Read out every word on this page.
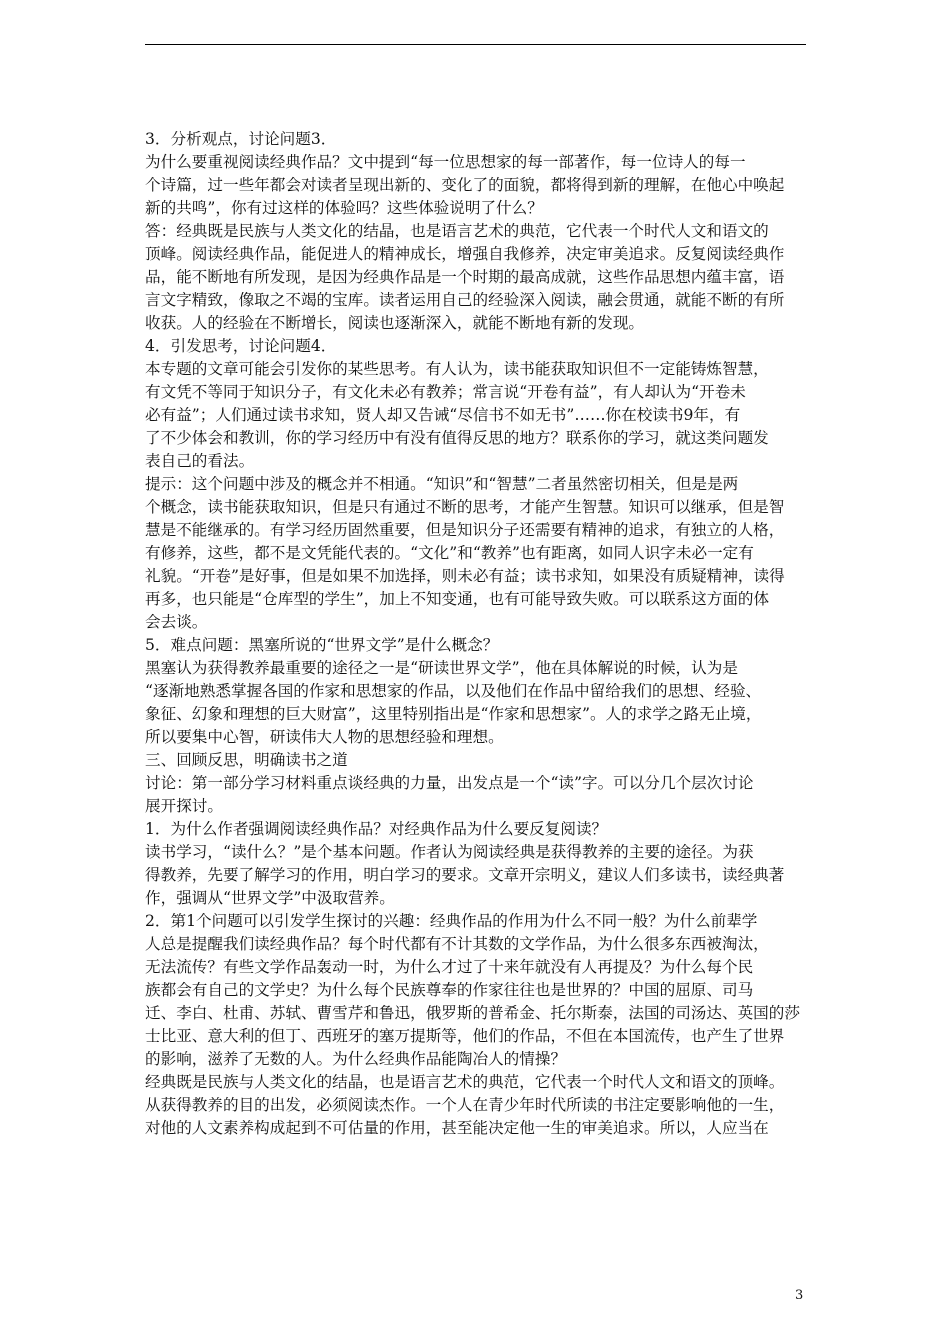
3．分析观点，讨论问题3．
为什么要重视阅读经典作品？文中提到“每一位思想家的每一部著作，每一位诗人的每一
个诗篇，过一些年都会对读者呈现出新的、变化了的面貌，都将得到新的理解，在他心中唤起
新的共鸣”，你有过这样的体验吗？这些体验说明了什么？
答：经典既是民族与人类文化的结晶，也是语言艺术的典范，它代表一个时代人文和语文的
顶峰。阅读经典作品，能促进人的精神成长，增强自我修养，决定审美追求。反复阅读经典作
品，能不断地有所发现，是因为经典作品是一个时期的最高成就，这些作品思想内蕴丰富，语
言文字精致，像取之不竭的宝库。读者运用自己的经验深入阅读，融会贯通，就能不断的有所
收获。人的经验在不断增长，阅读也逐渐深入，就能不断地有新的发现。
4．引发思考，讨论问题4．
本专题的文章可能会引发你的某些思考。有人认为，读书能获取知识但不一定能铸炼智慧，
有文凭不等同于知识分子，有文化未必有教养；常言说“开卷有益”，有人却认为“开卷未
必有益”；人们通过读书求知，贤人却又告诫“尽信书不如无书”……你在校读书9年，有
了不少体会和教训，你的学习经历中有没有值得反思的地方？联系你的学习，就这类问题发
表自己的看法。
提示：这个问题中涉及的概念并不相通。“知识”和“智慧”二者虽然密切相关，但是是两
个概念，读书能获取知识，但是只有通过不断的思考，才能产生智慧。知识可以继承，但是智
慧是不能继承的。有学习经历固然重要，但是知识分子还需要有精神的追求，有独立的人格，
有修养，这些，都不是文凭能代表的。“文化”和“教养”也有距离，如同人识字未必一定有
礼貌。“开卷”是好事，但是如果不加选择，则未必有益；读书求知，如果没有质疑精神，读得
再多，也只能是“仓库型的学生”，加上不知变通，也有可能导致失败。可以联系这方面的体
会去谈。
5．难点问题：黑塞所说的“世界文学”是什么概念？
黑塞认为获得教养最重要的途径之一是“研读世界文学”，他在具体解说的时候，认为是
“逐渐地熟悉掌握各国的作家和思想家的作品，以及他们在作品中留给我们的思想、经验、
象征、幻象和理想的巨大财富”，这里特别指出是“作家和思想家”。人的求学之路无止境，
所以要集中心智，研读伟大人物的思想经验和理想。
三、回顾反思，明确读书之道
讨论：第一部分学习材料重点谈经典的力量，出发点是一个“读”字。可以分几个层次讨论
展开探讨。
1．为什么作者强调阅读经典作品？对经典作品为什么要反复阅读？
读书学习，“读什么？”是个基本问题。作者认为阅读经典是获得教养的主要的途径。为获
得教养，先要了解学习的作用，明白学习的要求。文章开宗明义，建议人们多读书，读经典著
作，强调从“世界文学”中汲取营养。
2．第1个问题可以引发学生探讨的兴趣：经典作品的作用为什么不同一般？为什么前辈学
人总是提醒我们读经典作品？每个时代都有不计其数的文学作品，为什么很多东西被淘汰，
无法流传？有些文学作品轰动一时，为什么才过了十来年就没有人再提及？为什么每个民
族都会有自己的文学史？为什么每个民族尊奉的作家往往也是世界的？中国的屈原、司马
迁、李白、杜甫、苏轼、曹雪芹和鲁迅，俄罗斯的普希金、托尔斯泰，法国的司汤达、英国的莎
士比亚、意大利的但丁、西班牙的塞万提斯等，他们的作品，不但在本国流传，也产生了世界
的影响，滋养了无数的人。为什么经典作品能陶冶人的情操？
经典既是民族与人类文化的结晶，也是语言艺术的典范，它代表一个时代人文和语文的顶峰。
从获得教养的目的出发，必须阅读杰作。一个人在青少年时代所读的书注定要影响他的一生，
对他的人文素养构成起到不可估量的作用，甚至能决定他一生的审美追求。所以，人应当在
3
